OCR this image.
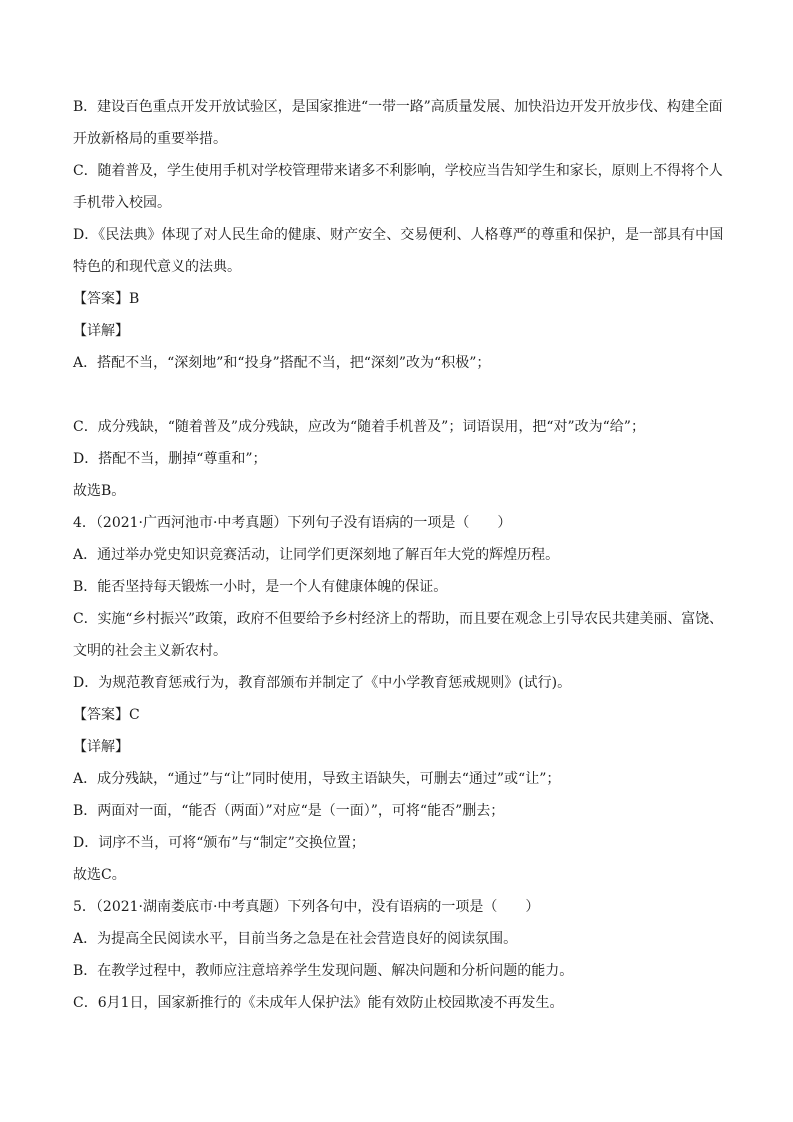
B．建设百色重点开发开放试验区，是国家推进“一带一路”高质量发展、加快沿边开发开放步伐、构建全面
开放新格局的重要举措。
C．随着普及，学生使用手机对学校管理带来诸多不利影响，学校应当告知学生和家长，原则上不得将个人
手机带入校园。
D．《民法典》体现了对人民生命的健康、财产安全、交易便利、人格尊严的尊重和保护，是一部具有中国
特色的和现代意义的法典。
【答案】B
【详解】
A．搭配不当，“深刻地”和“投身”搭配不当，把“深刻”改为“积极”；
C．成分残缺，“随着普及”成分残缺，应改为“随着手机普及”；词语误用，把“对”改为“给”；
D．搭配不当，删掉“尊重和”；
故选B。
4．（2021·广西河池市·中考真题）下列句子没有语病的一项是（　　）
A．通过举办党史知识竞赛活动，让同学们更深刻地了解百年大党的辉煌历程。
B．能否坚持每天锻炼一小时，是一个人有健康体魄的保证。
C．实施“乡村振兴”政策，政府不但要给予乡村经济上的帮助，而且要在观念上引导农民共建美丽、富饶、
文明的社会主义新农村。
D．为规范教育惩戒行为，教育部颁布并制定了《中小学教育惩戒规则》(试行)。
【答案】C
【详解】
A．成分残缺，“通过”与“让”同时使用，导致主语缺失，可删去“通过”或“让”；
B．两面对一面，“能否（两面）”对应“是（一面）”，可将“能否”删去；
D．词序不当，可将“颁布”与“制定”交换位置；
故选C。
5．（2021·湖南娄底市·中考真题）下列各句中，没有语病的一项是（　　）
A．为提高全民阅读水平，目前当务之急是在社会营造良好的阅读氛围。
B．在教学过程中，教师应注意培养学生发现问题、解决问题和分析问题的能力。
C．6月1日，国家新推行的《未成年人保护法》能有效防止校园欺凌不再发生。
